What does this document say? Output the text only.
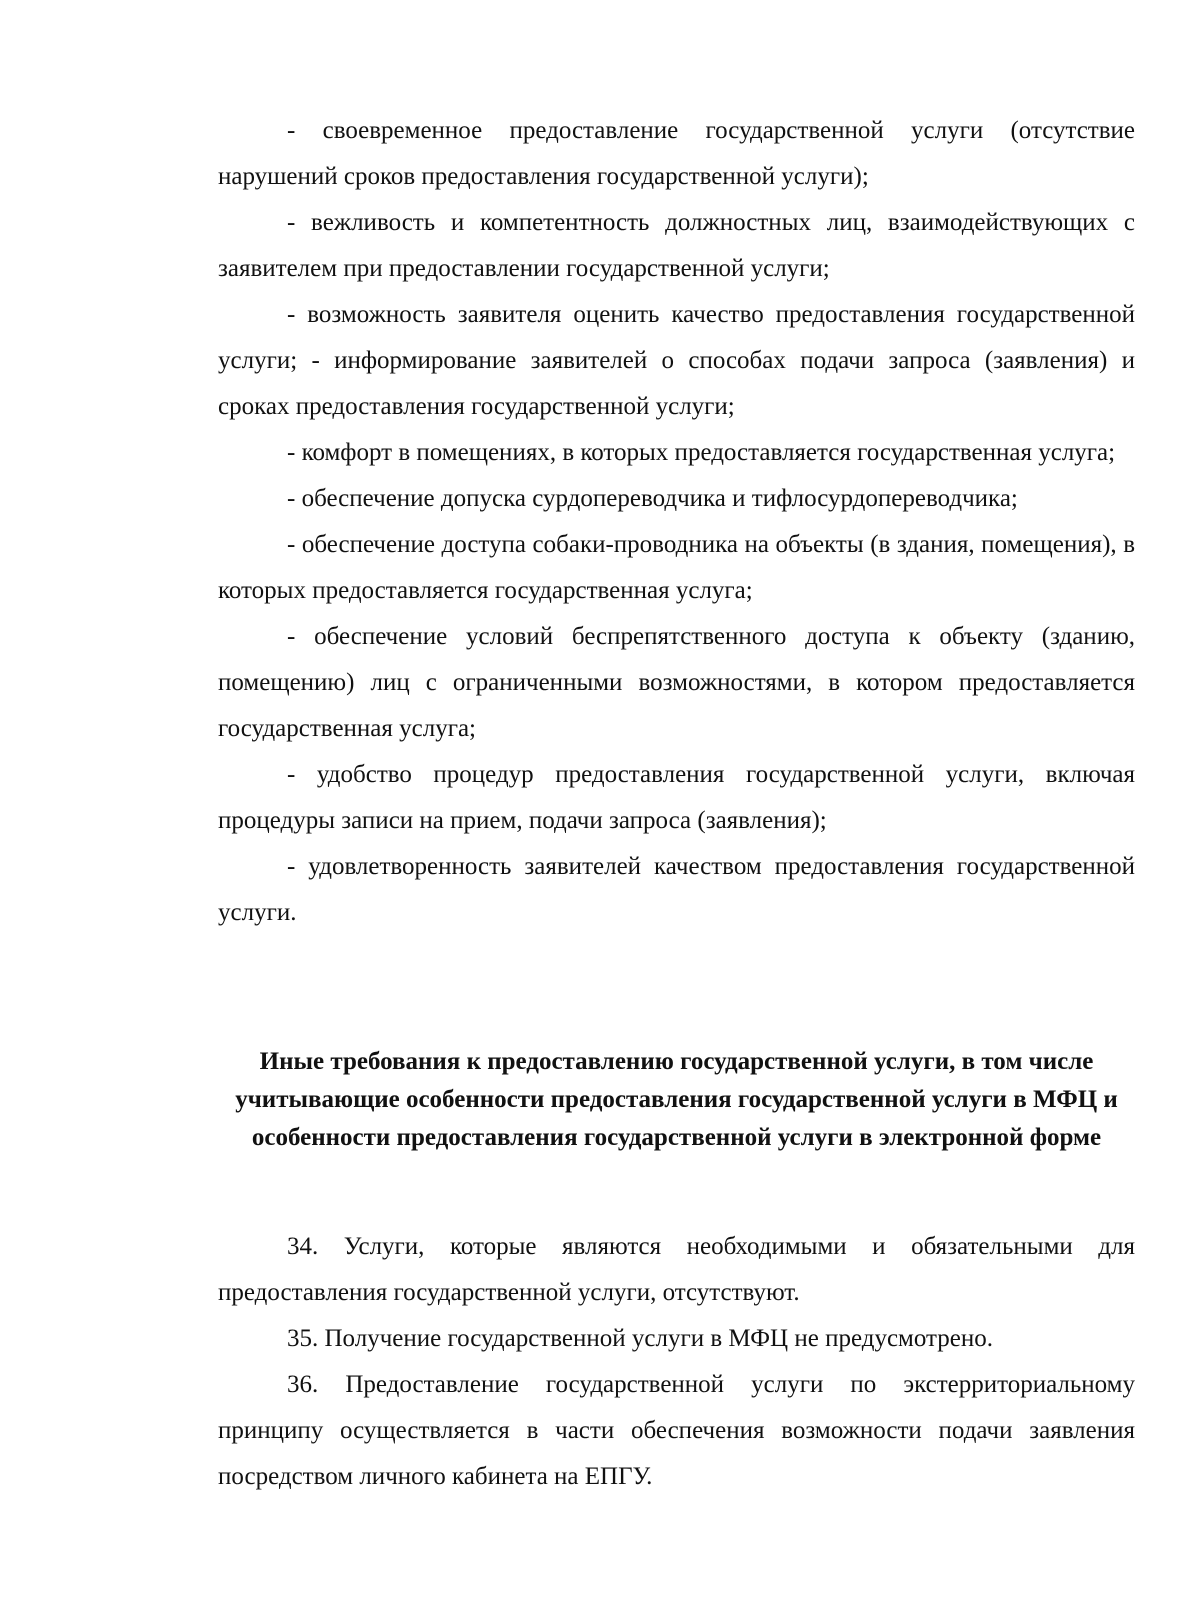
- своевременное предоставление государственной услуги (отсутствие нарушений сроков предоставления государственной услуги);

- вежливость и компетентность должностных лиц, взаимодействующих с заявителем при предоставлении государственной услуги;

- возможность заявителя оценить качество предоставления государственной услуги; - информирование заявителей о способах подачи запроса (заявления) и сроках предоставления государственной услуги;

- комфорт в помещениях, в которых предоставляется государственная услуга;

- обеспечение допуска сурдопереводчика и тифлосурдопереводчика;

- обеспечение доступа собаки-проводника на объекты (в здания, помещения), в которых предоставляется государственная услуга;

- обеспечение условий беспрепятственного доступа к объекту (зданию, помещению) лиц с ограниченными возможностями, в котором предоставляется государственная услуга;

- удобство процедур предоставления государственной услуги, включая процедуры записи на прием, подачи запроса (заявления);

- удовлетворенность заявителей качеством предоставления государственной услуги.

Иные требования к предоставлению государственной услуги, в том числе учитывающие особенности предоставления государственной услуги в МФЦ и особенности предоставления государственной услуги в электронной форме

34. Услуги, которые являются необходимыми и обязательными для предоставления государственной услуги, отсутствуют.

35. Получение государственной услуги в МФЦ не предусмотрено.

36. Предоставление государственной услуги по экстерриториальному принципу осуществляется в части обеспечения возможности подачи заявления посредством личного кабинета на ЕПГУ.
